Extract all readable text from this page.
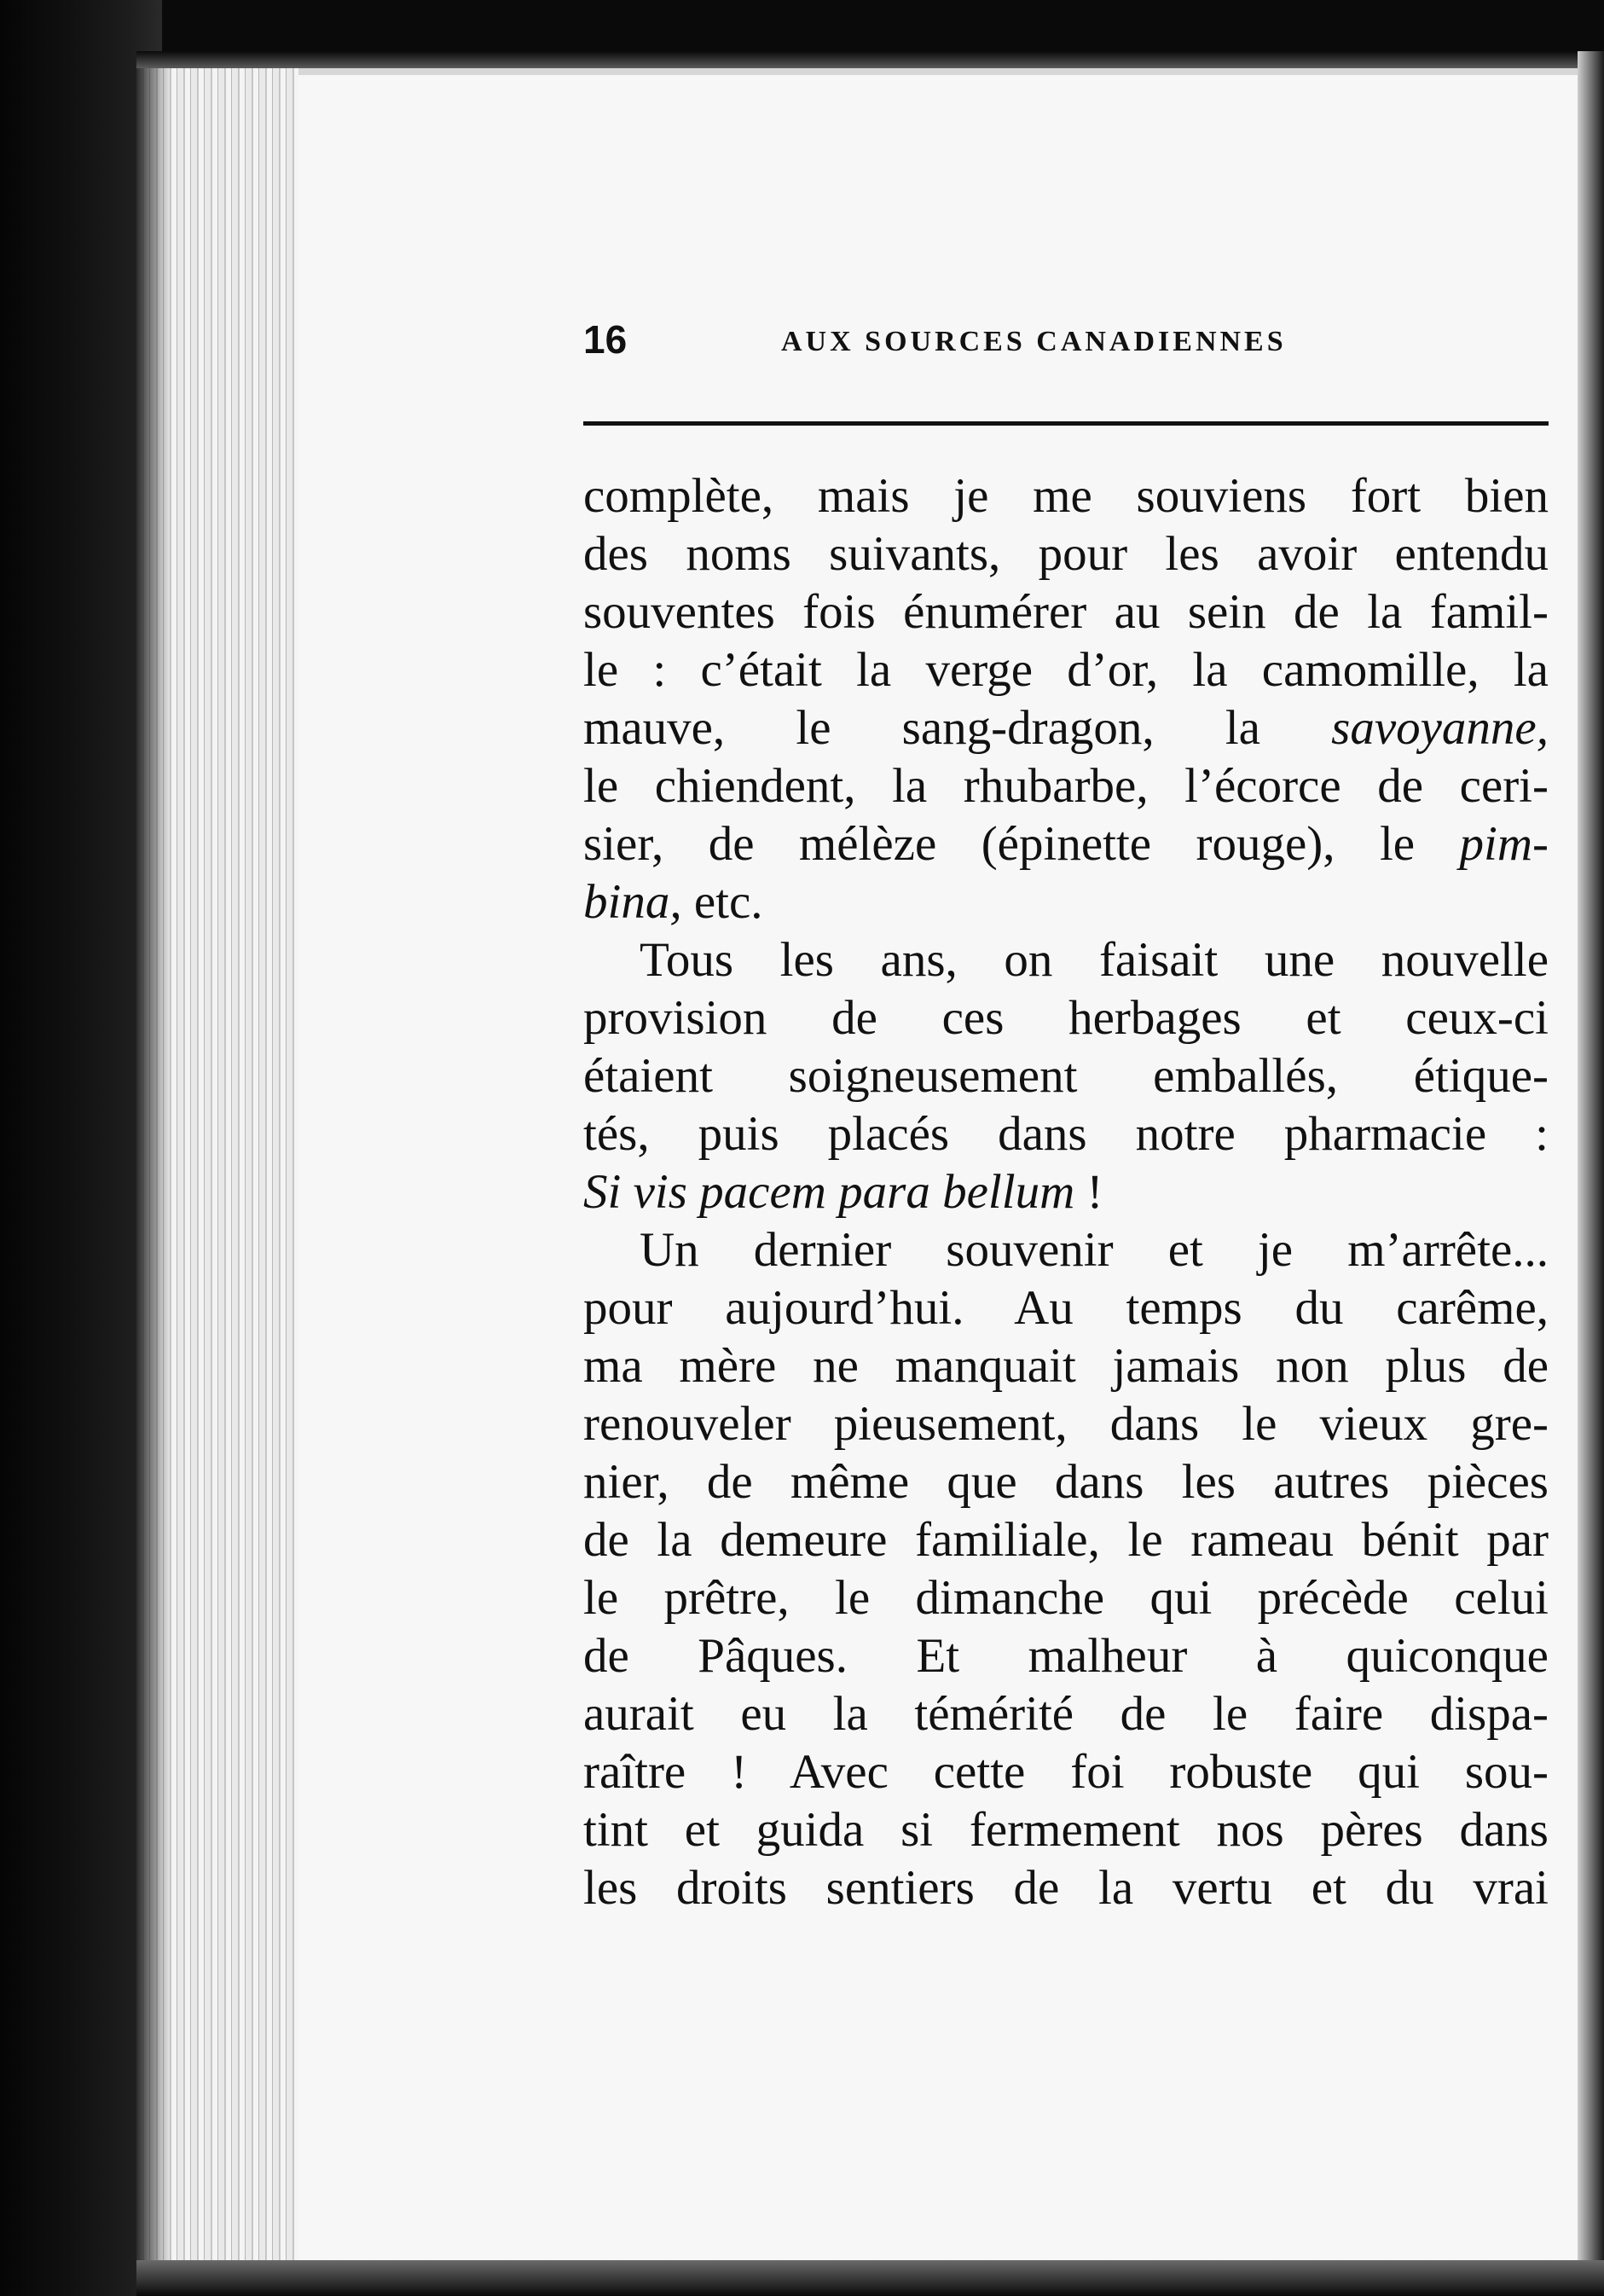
16	AUX SOURCES CANADIENNES
complète, mais je me souviens fort bien
des noms suivants, pour les avoir entendu
souventes fois énumérer au sein de la famil-
le : c’était la verge d’or, la camomille, la
mauve, le sang-dragon, la savoyanne,
le chiendent, la rhubarbe, l’écorce de ceri-
sier, de mélèze (épinette rouge), le pim-
bina, etc.
Tous les ans, on faisait une nouvelle
provision de ces herbages et ceux-ci
étaient soigneusement emballés, étique-
tés, puis placés dans notre pharmacie :
Si vis pacem para bellum !
Un dernier souvenir et je m’arrête...
pour aujourd’hui. Au temps du carême,
ma mère ne manquait jamais non plus de
renouveler pieusement, dans le vieux gre-
nier, de même que dans les autres pièces
de la demeure familiale, le rameau bénit par
le prêtre, le dimanche qui précède celui
de Pâques. Et malheur à quiconque
aurait eu la témérité de le faire dispa-
raître ! Avec cette foi robuste qui sou-
tint et guida si fermement nos pères dans
les droits sentiers de la vertu et du vrai
